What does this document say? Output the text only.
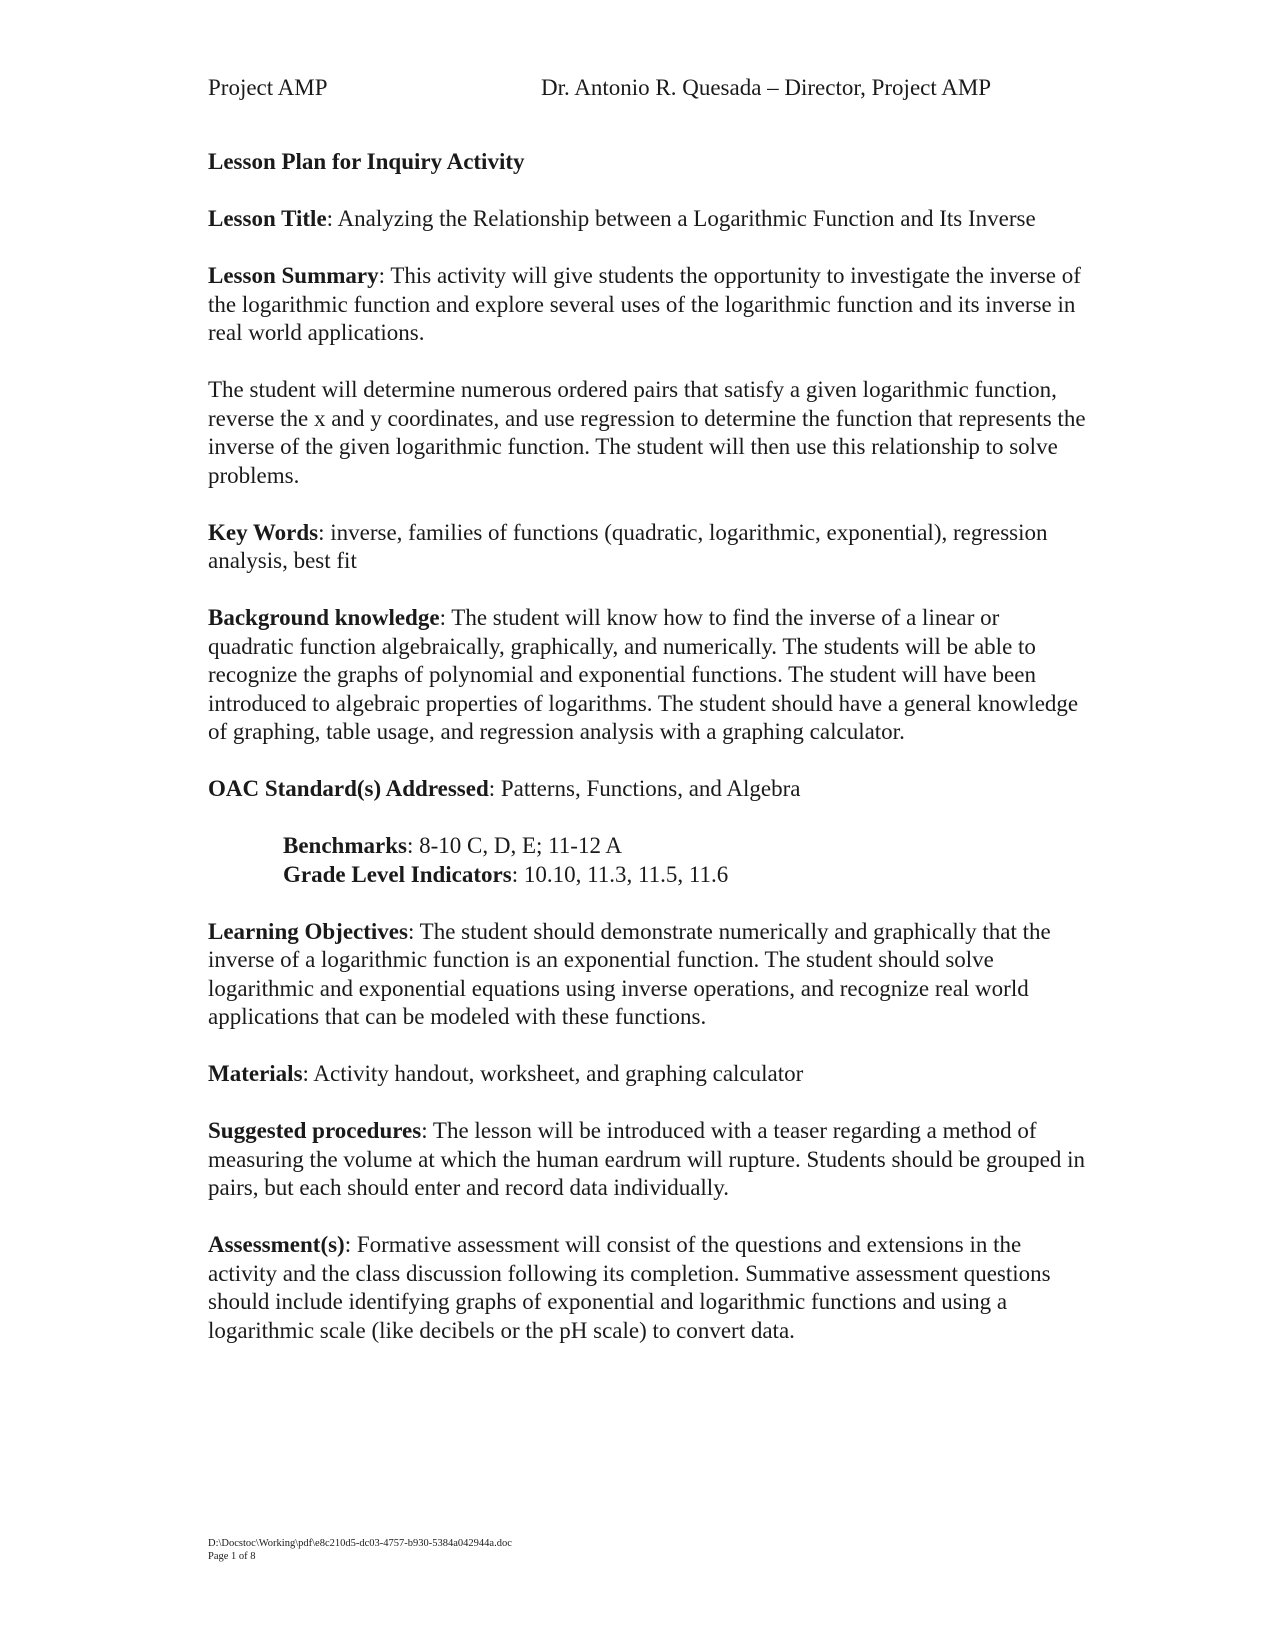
Project AMP	Dr. Antonio R. Quesada – Director, Project AMP
Lesson Plan for Inquiry Activity
Lesson Title: Analyzing the Relationship between a Logarithmic Function and Its Inverse
Lesson Summary: This activity will give students the opportunity to investigate the inverse of the logarithmic function and explore several uses of the logarithmic function and its inverse in real world applications.
The student will determine numerous ordered pairs that satisfy a given logarithmic function, reverse the x and y coordinates, and use regression to determine the function that represents the inverse of the given logarithmic function. The student will then use this relationship to solve problems.
Key Words: inverse, families of functions (quadratic, logarithmic, exponential), regression analysis, best fit
Background knowledge: The student will know how to find the inverse of a linear or quadratic function algebraically, graphically, and numerically. The students will be able to recognize the graphs of polynomial and exponential functions. The student will have been introduced to algebraic properties of logarithms. The student should have a general knowledge of graphing, table usage, and regression analysis with a graphing calculator.
OAC Standard(s) Addressed: Patterns, Functions, and Algebra
Benchmarks: 8-10 C, D, E; 11-12 A
Grade Level Indicators: 10.10, 11.3, 11.5, 11.6
Learning Objectives: The student should demonstrate numerically and graphically that the inverse of a logarithmic function is an exponential function. The student should solve logarithmic and exponential equations using inverse operations, and recognize real world applications that can be modeled with these functions.
Materials: Activity handout, worksheet, and graphing calculator
Suggested procedures: The lesson will be introduced with a teaser regarding a method of measuring the volume at which the human eardrum will rupture. Students should be grouped in pairs, but each should enter and record data individually.
Assessment(s): Formative assessment will consist of the questions and extensions in the activity and the class discussion following its completion. Summative assessment questions should include identifying graphs of exponential and logarithmic functions and using a logarithmic scale (like decibels or the pH scale) to convert data.
D:\Docstoc\Working\pdf\e8c210d5-dc03-4757-b930-5384a042944a.doc
Page 1 of 8
